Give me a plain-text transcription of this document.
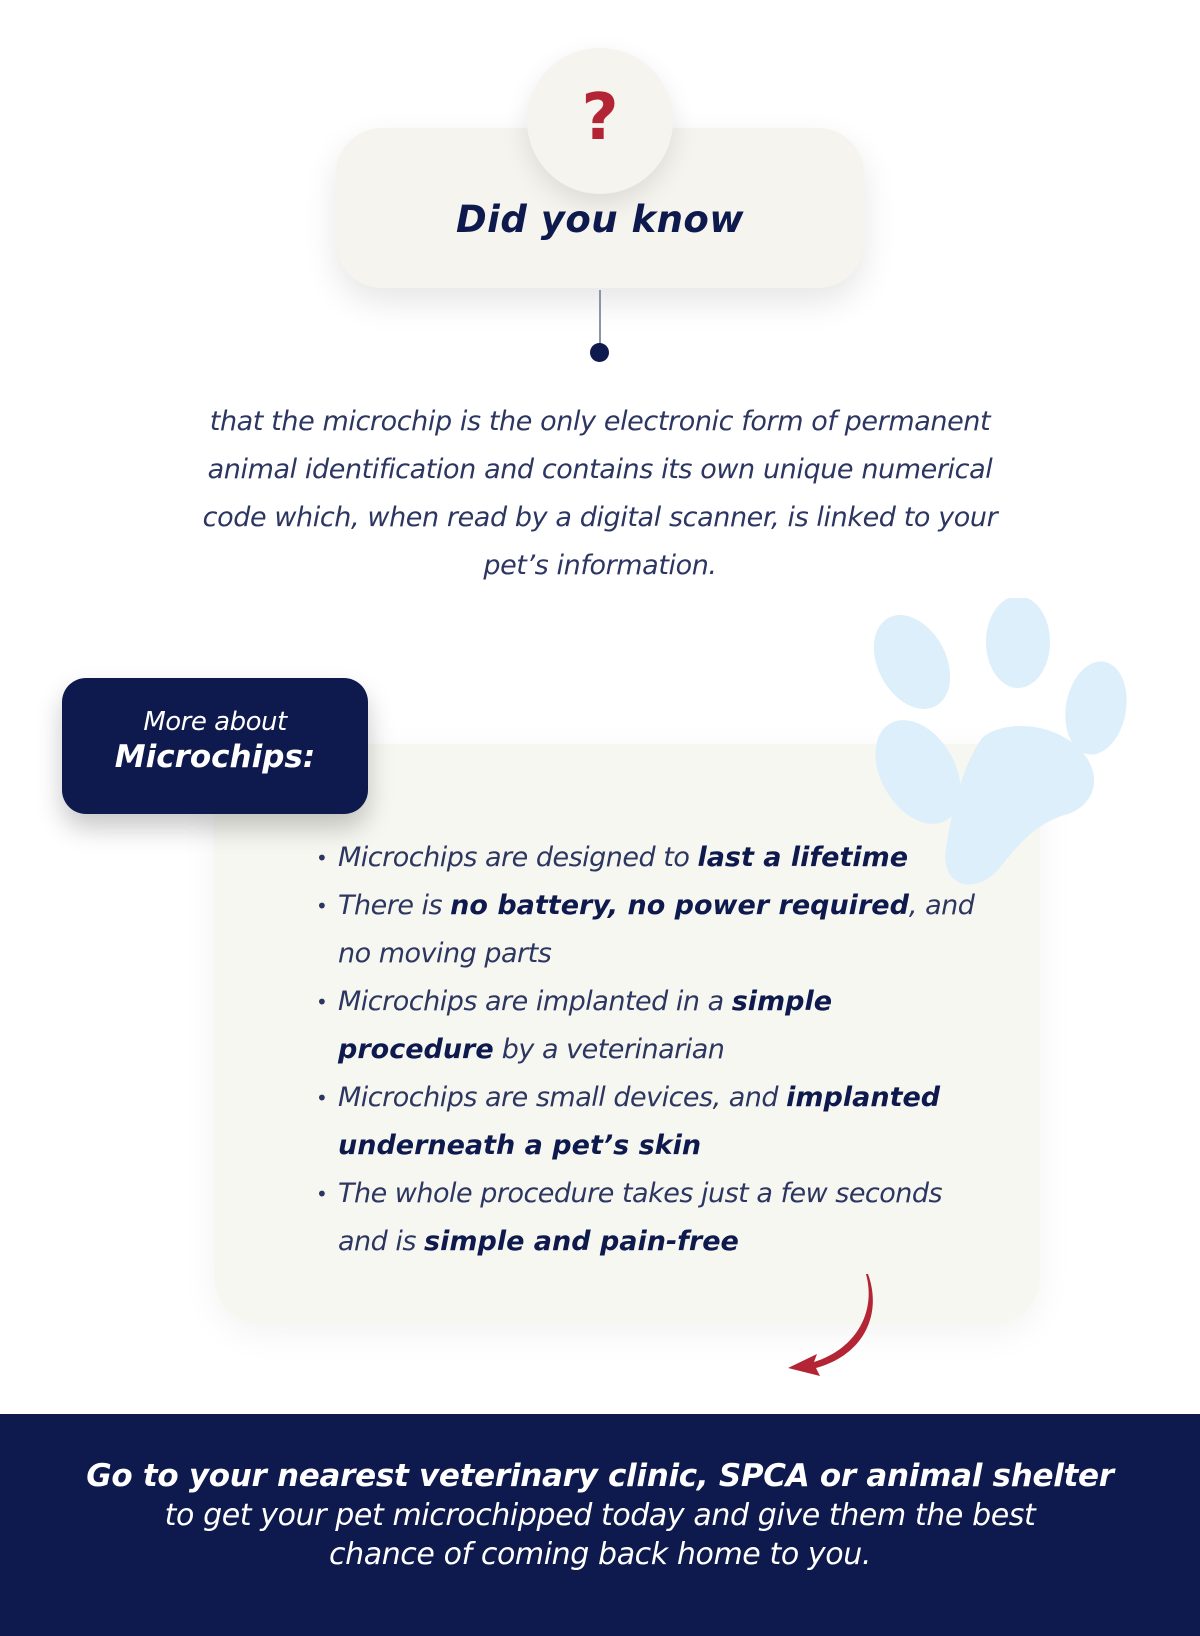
?
Did you know
that the microchip is the only electronic form of permanent animal identification and contains its own unique numerical code which, when read by a digital scanner, is linked to your pet’s information.
More about
Microchips:
• Microchips are designed to last a lifetime
• There is no battery, no power required, and no moving parts
• Microchips are implanted in a simple procedure by a veterinarian
• Microchips are small devices, and implanted underneath a pet’s skin
• The whole procedure takes just a few seconds and is simple and pain-free
Go to your nearest veterinary clinic, SPCA or animal shelter
to get your pet microchipped today and give them the best chance of coming back home to you.
